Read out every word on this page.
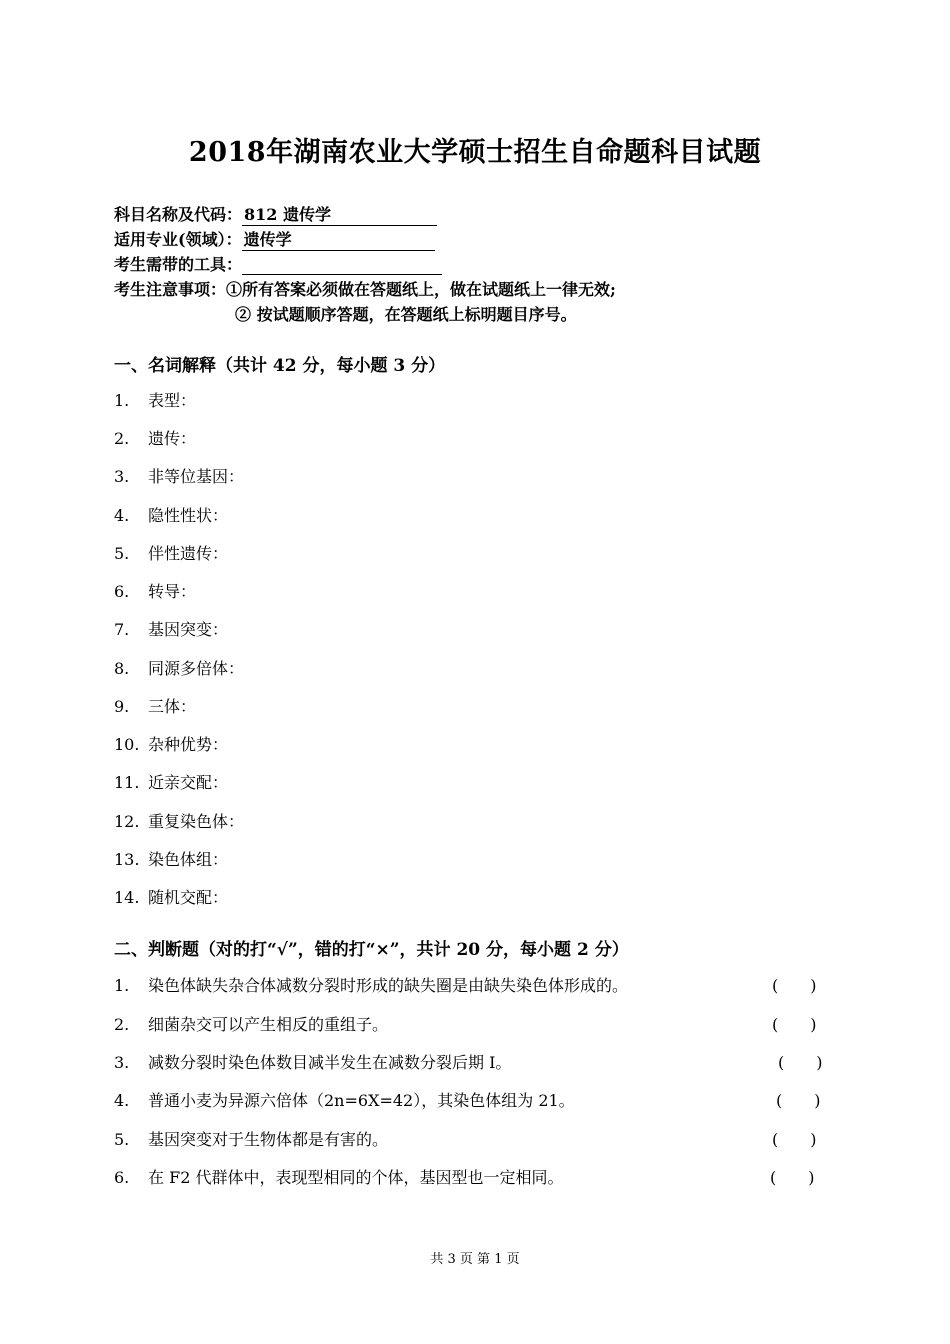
2018年湖南农业大学硕士招生自命题科目试题
科目名称及代码： 812 遗传学
适用专业(领域）： 遗传学
考生需带的工具：
考生注意事项：①所有答案必须做在答题纸上，做在试题纸上一律无效;
② 按试题顺序答题，在答题纸上标明题目序号。
一、名词解释（共计 42 分，每小题 3 分）
1. 表型：
2. 遗传：
3. 非等位基因：
4. 隐性性状：
5. 伴性遗传：
6. 转导：
7. 基因突变：
8. 同源多倍体：
9. 三体：
10. 杂种优势：
11. 近亲交配：
12. 重复染色体：
13. 染色体组：
14. 随机交配：
二、判断题（对的打“√”，错的打“×”，共计 20 分，每小题 2 分）
1. 染色体缺失杂合体减数分裂时形成的缺失圈是由缺失染色体形成的。	(　　)
2. 细菌杂交可以产生相反的重组子。	(　　)
3. 减数分裂时染色体数目减半发生在减数分裂后期 I。	(　　)
4. 普通小麦为异源六倍体（2n=6X=42），其染色体组为 21。	(　　)
5. 基因突变对于生物体都是有害的。	(　　)
6. 在 F2 代群体中，表现型相同的个体，基因型也一定相同。	(　　)
共 3 页 第 1 页
